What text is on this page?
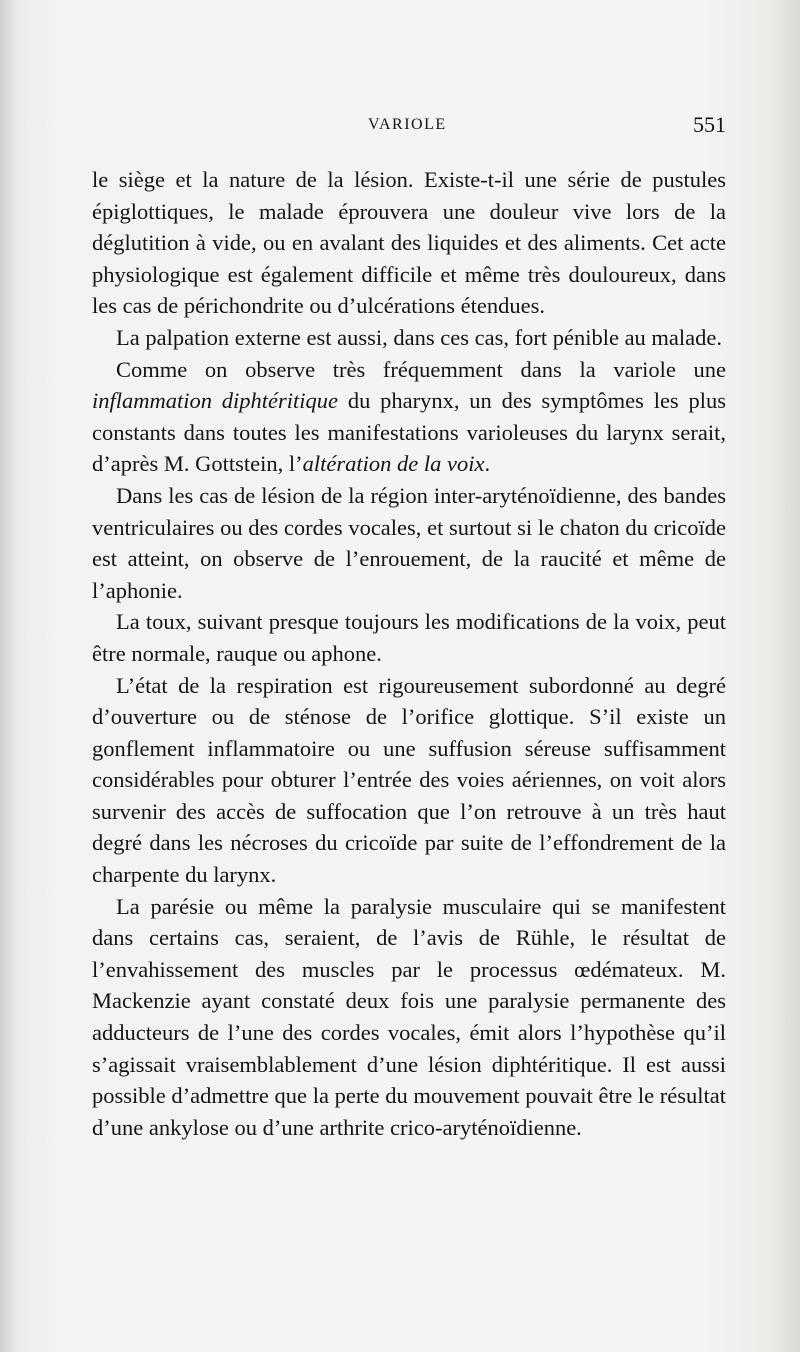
VARIOLE	551

le siège et la nature de la lésion. Existe-t-il une série de pustules épiglottiques, le malade éprouvera une douleur vive lors de la déglutition à vide, ou en avalant des liquides et des aliments. Cet acte physiologique est également difficile et même très douloureux, dans les cas de périchondrite ou d’ulcérations étendues.

La palpation externe est aussi, dans ces cas, fort pénible au malade.

Comme on observe très fréquemment dans la variole une inflammation diphtéritique du pharynx, un des symptômes les plus constants dans toutes les manifestations varioleuses du larynx serait, d’après M. Gottstein, l’altération de la voix.

Dans les cas de lésion de la région inter-aryténoïdienne, des bandes ventriculaires ou des cordes vocales, et surtout si le chaton du cricoïde est atteint, on observe de l’enrouement, de la raucité et même de l’aphonie.

La toux, suivant presque toujours les modifications de la voix, peut être normale, rauque ou aphone.

L’état de la respiration est rigoureusement subordonné au degré d’ouverture ou de sténose de l’orifice glottique. S’il existe un gonflement inflammatoire ou une suffusion séreuse suffisamment considérables pour obturer l’entrée des voies aériennes, on voit alors survenir des accès de suffocation que l’on retrouve à un très haut degré dans les nécroses du cricoïde par suite de l’effondrement de la charpente du larynx.

La parésie ou même la paralysie musculaire qui se manifestent dans certains cas, seraient, de l’avis de Rühle, le résultat de l’envahissement des muscles par le processus œdémateux. M. Mackenzie ayant constaté deux fois une paralysie permanente des adducteurs de l’une des cordes vocales, émit alors l’hypothèse qu’il s’agissait vraisemblablement d’une lésion diphtéritique. Il est aussi possible d’admettre que la perte du mouvement pouvait être le résultat d’une ankylose ou d’une arthrite crico-aryténoïdienne.
